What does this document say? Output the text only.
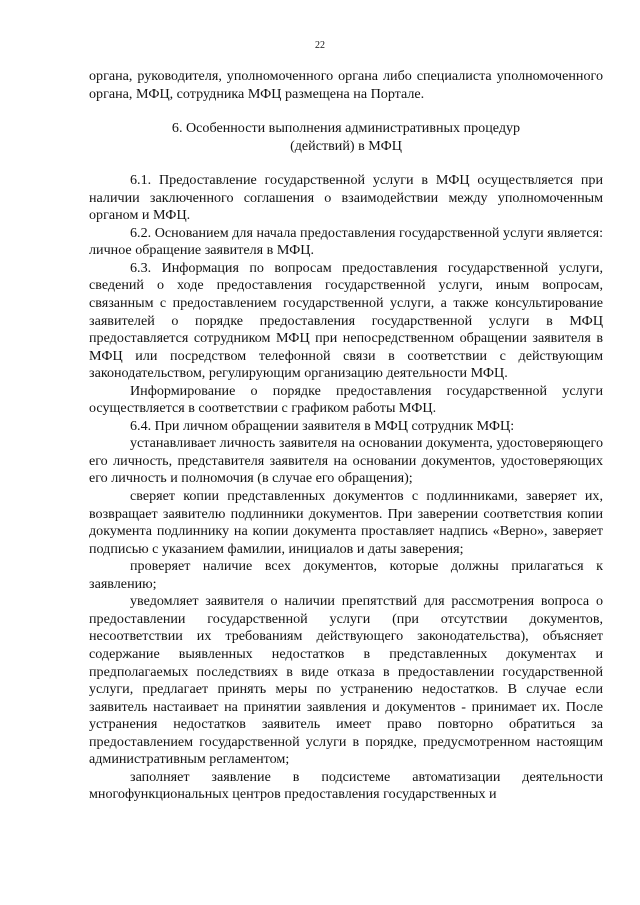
22

органа, руководителя, уполномоченного органа либо специалиста уполномоченного органа, МФЦ, сотрудника МФЦ размещена на Портале.

6. Особенности выполнения административных процедур
(действий) в МФЦ

6.1. Предоставление государственной услуги в МФЦ осуществляется при наличии заключенного соглашения о взаимодействии между уполномоченным органом и МФЦ.

6.2. Основанием для начала предоставления государственной услуги является: личное обращение заявителя в МФЦ.

6.3. Информация по вопросам предоставления государственной услуги, сведений о ходе предоставления государственной услуги, иным вопросам, связанным с предоставлением государственной услуги, а также консультирование заявителей о порядке предоставления государственной услуги в МФЦ предоставляется сотрудником МФЦ при непосредственном обращении заявителя в МФЦ или посредством телефонной связи в соответствии с действующим законодательством, регулирующим организацию деятельности МФЦ.

Информирование о порядке предоставления государственной услуги осуществляется в соответствии с графиком работы МФЦ.

6.4. При личном обращении заявителя в МФЦ сотрудник МФЦ:

устанавливает личность заявителя на основании документа, удостоверяющего его личность, представителя заявителя на основании документов, удостоверяющих его личность и полномочия (в случае его обращения);

сверяет копии представленных документов с подлинниками, заверяет их, возвращает заявителю подлинники документов. При заверении соответствия копии документа подлиннику на копии документа проставляет надпись «Верно», заверяет подписью с указанием фамилии, инициалов и даты заверения;

проверяет наличие всех документов, которые должны прилагаться к заявлению;

уведомляет заявителя о наличии препятствий для рассмотрения вопроса о предоставлении государственной услуги (при отсутствии документов, несоответствии их требованиям действующего законодательства), объясняет содержание выявленных недостатков в представленных документах и предполагаемых последствиях в виде отказа в предоставлении государственной услуги, предлагает принять меры по устранению недостатков. В случае если заявитель настаивает на принятии заявления и документов - принимает их. После устранения недостатков заявитель имеет право повторно обратиться за предоставлением государственной услуги в порядке, предусмотренном настоящим административным регламентом;

заполняет заявление в подсистеме автоматизации деятельности многофункциональных центров предоставления государственных и
